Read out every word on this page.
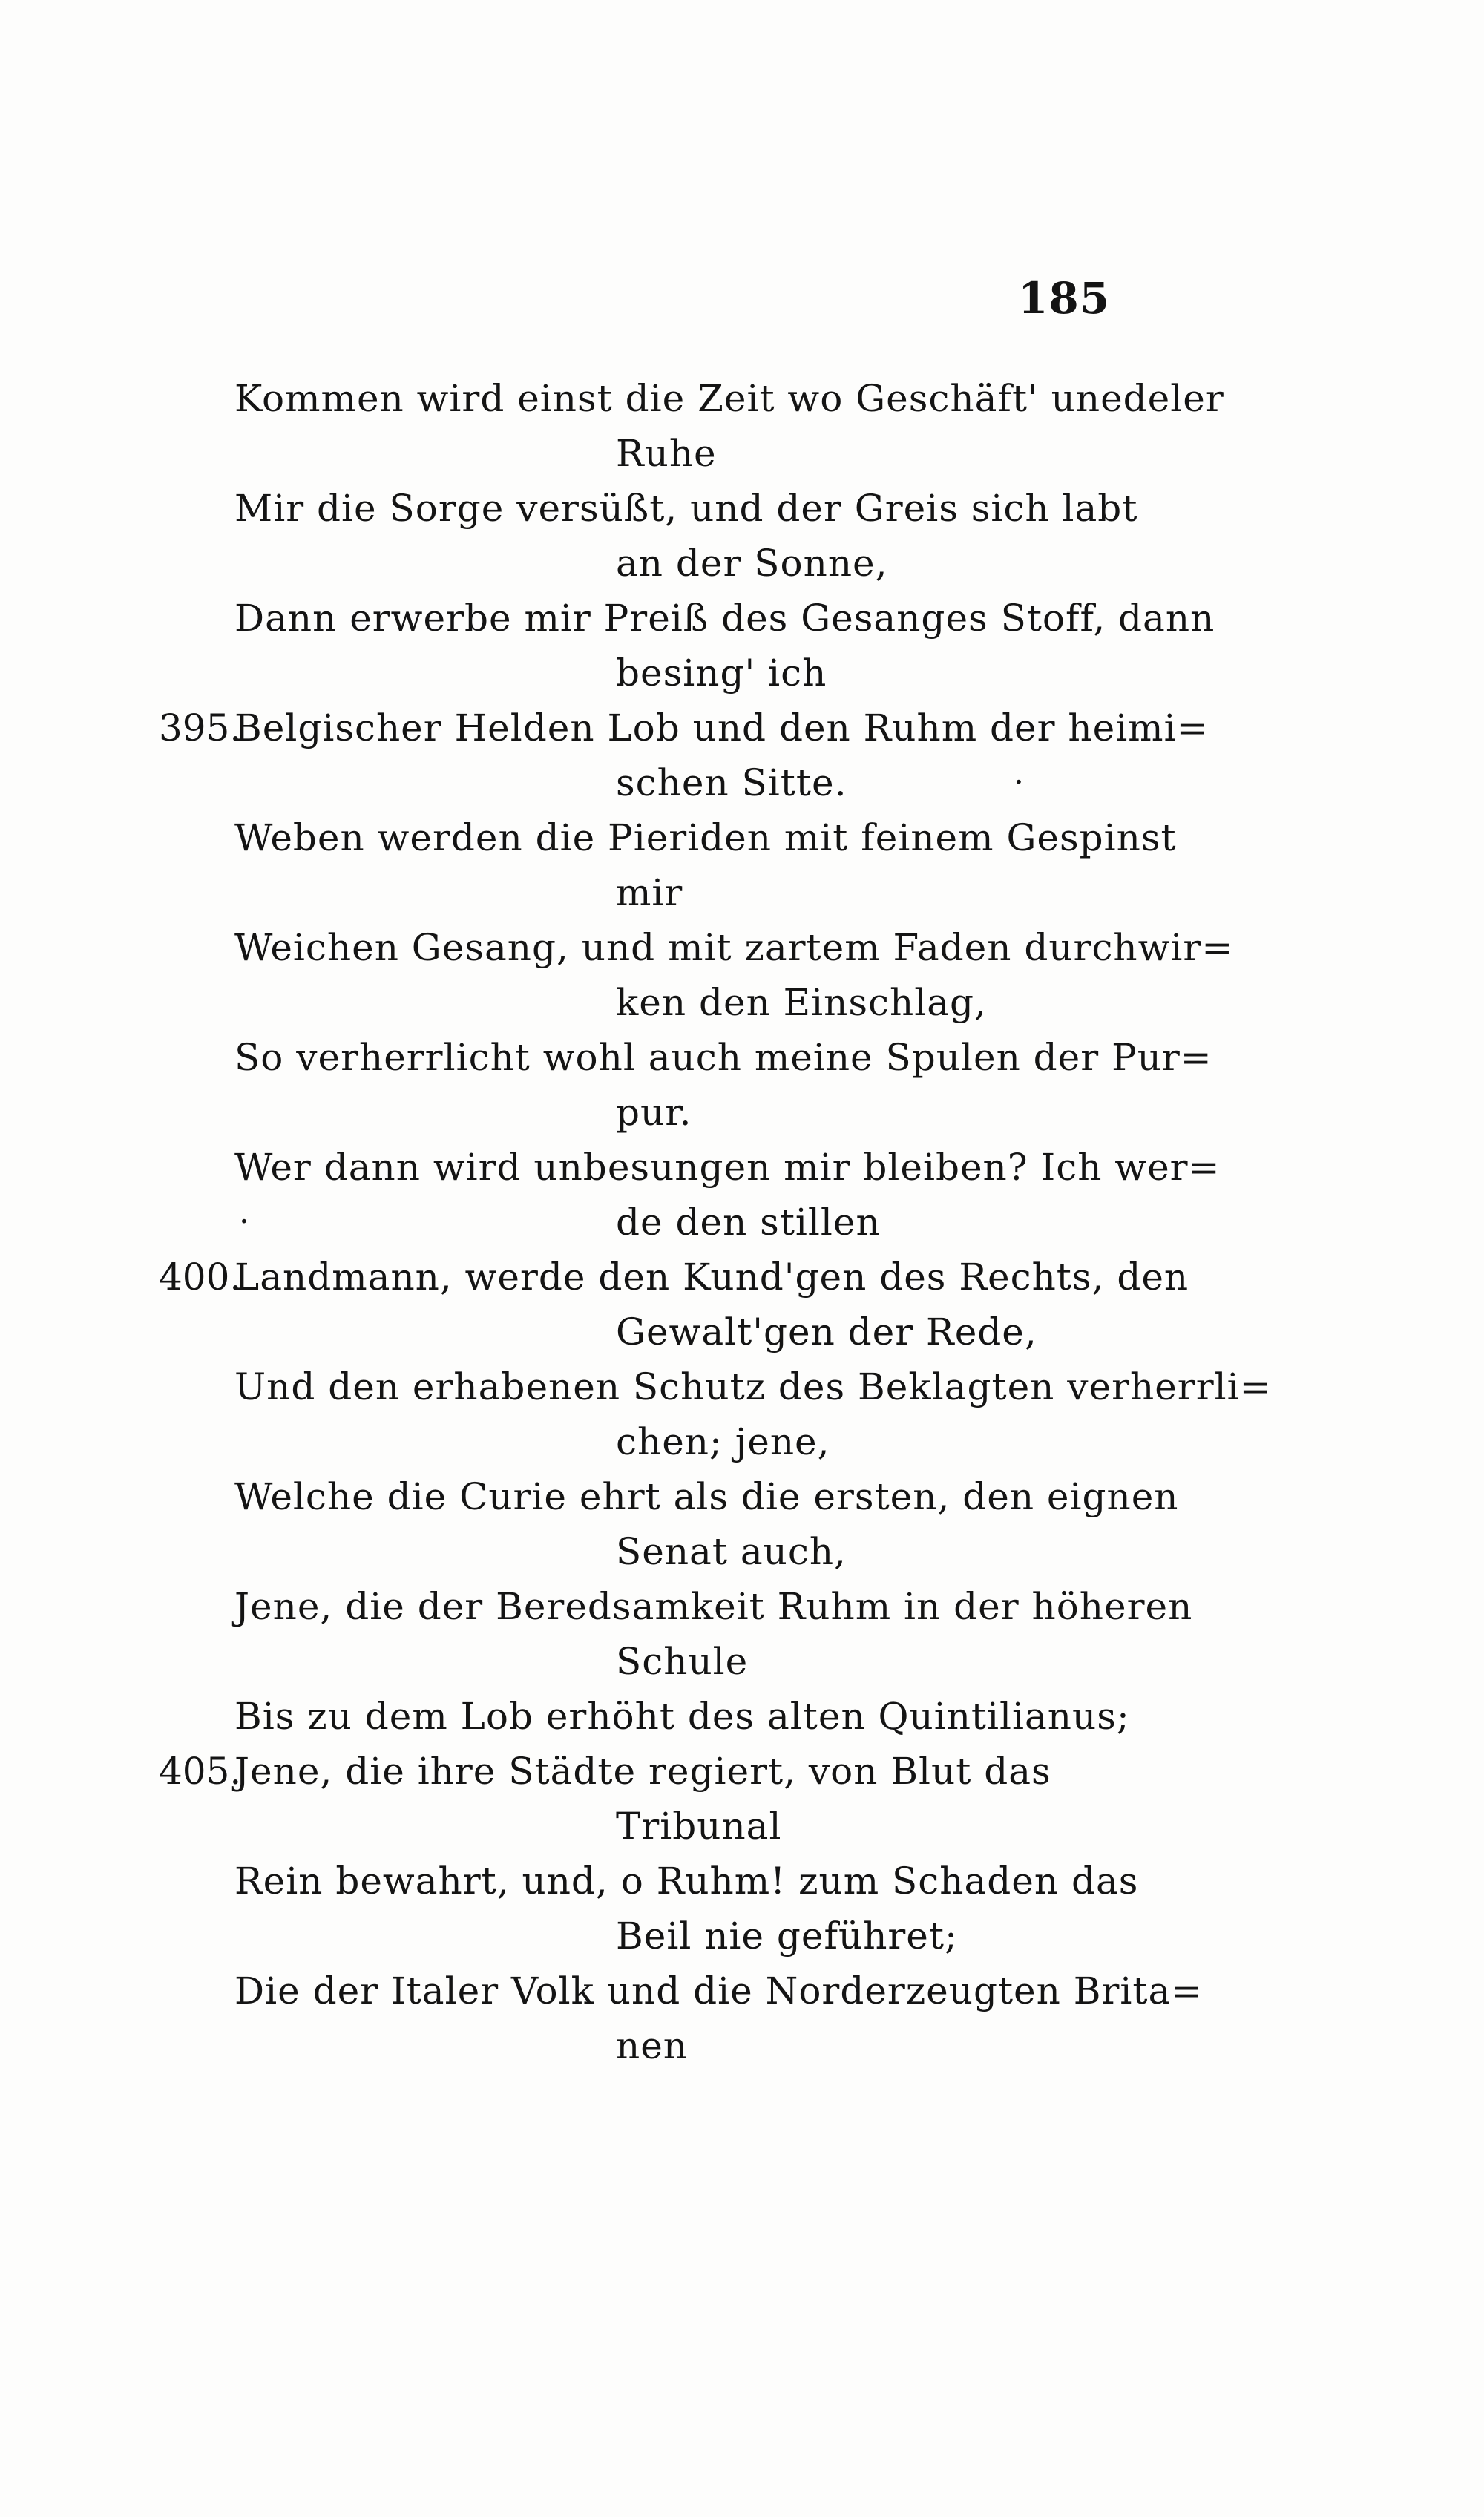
185
Kommen wird einst die Zeit wo Geschäft' unedeler
Ruhe
Mir die Sorge versüßt, und der Greis sich labt
an der Sonne,
Dann erwerbe mir Preiß des Gesanges Stoff, dann
besing' ich
Belgischer Helden Lob und den Ruhm der heimi=
schen Sitte.
Weben werden die Pieriden mit feinem Gespinst
mir
Weichen Gesang, und mit zartem Faden durchwir=
ken den Einschlag,
So verherrlicht wohl auch meine Spulen der Pur=
pur.
Wer dann wird unbesungen mir bleiben? Ich wer=
de den stillen
Landmann, werde den Kund'gen des Rechts, den
Gewalt'gen der Rede,
Und den erhabenen Schutz des Beklagten verherrli=
chen; jene,
Welche die Curie ehrt als die ersten, den eignen
Senat auch,
Jene, die der Beredsamkeit Ruhm in der höheren
Schule
Bis zu dem Lob erhöht des alten Quintilianus;
Jene, die ihre Städte regiert, von Blut das
Tribunal
Rein bewahrt, und, o Ruhm! zum Schaden das
Beil nie geführet;
Die der Italer Volk und die Norderzeugten Brita=
nen
395.
400.
405.
·
·
